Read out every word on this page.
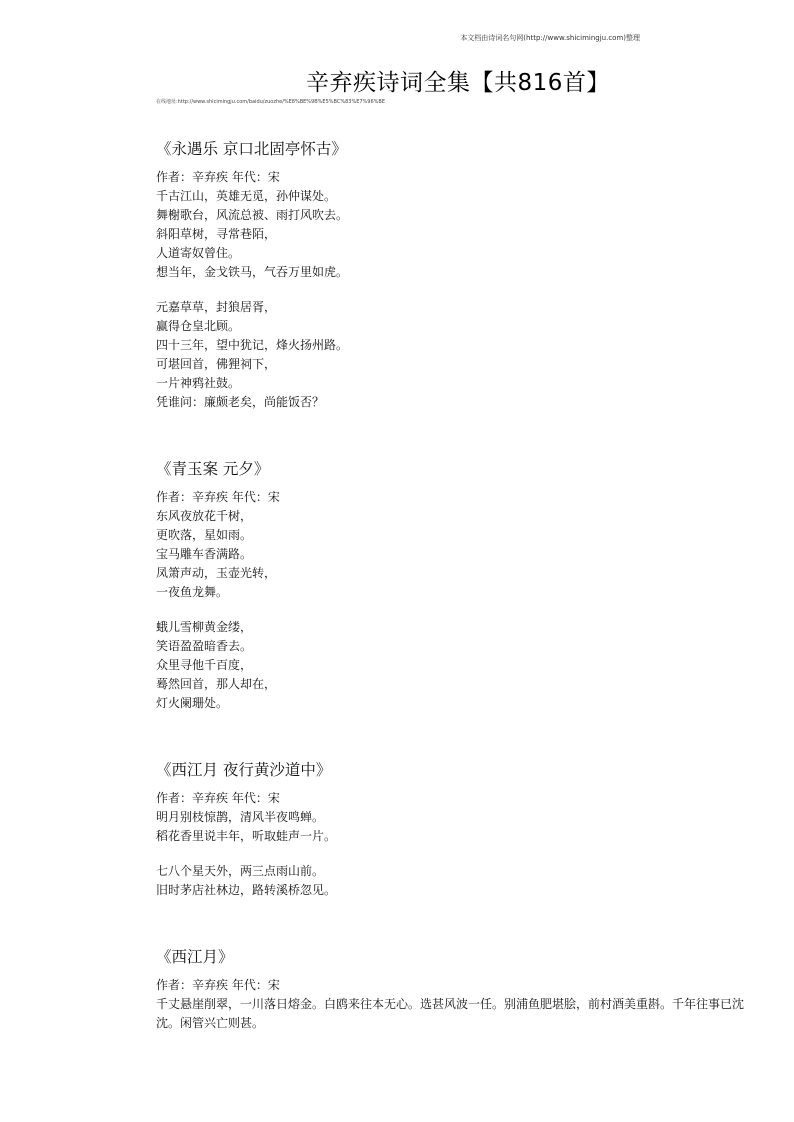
本文档由诗词名句网(http://www.shicimingju.com)整理
辛弃疾诗词全集【共816首】
在线地址:http://www.shicimingju.com/baidu/zuozhe/%E8%BE%9B%E5%BC%83%E7%96%BE
《永遇乐 京口北固亭怀古》
作者：辛弃疾 年代：宋
千古江山，英雄无觅，孙仲谋处。
舞榭歌台，风流总被、雨打风吹去。
斜阳草树，寻常巷陌，
人道寄奴曾住。
想当年，金戈铁马，气吞万里如虎。
元嘉草草，封狼居胥，
赢得仓皇北顾。
四十三年，望中犹记，烽火扬州路。
可堪回首，佛狸祠下，
一片神鸦社鼓。
凭谁问：廉颇老矣，尚能饭否？
《青玉案 元夕》
作者：辛弃疾 年代：宋
东风夜放花千树，
更吹落，星如雨。
宝马雕车香满路。
凤箫声动，玉壶光转，
一夜鱼龙舞。
蛾儿雪柳黄金缕，
笑语盈盈暗香去。
众里寻他千百度，
蓦然回首，那人却在，
灯火阑珊处。
《西江月 夜行黄沙道中》
作者：辛弃疾 年代：宋
明月别枝惊鹊，清风半夜鸣蝉。
稻花香里说丰年，听取蛙声一片。
七八个星天外，两三点雨山前。
旧时茅店社林边，路转溪桥忽见。
《西江月》
作者：辛弃疾 年代：宋
千丈悬崖削翠，一川落日熔金。白鸥来往本无心。选甚风波一任。别浦鱼肥堪脍，前村酒美重斟。千年往事已沈沈。闲管兴亡则甚。
